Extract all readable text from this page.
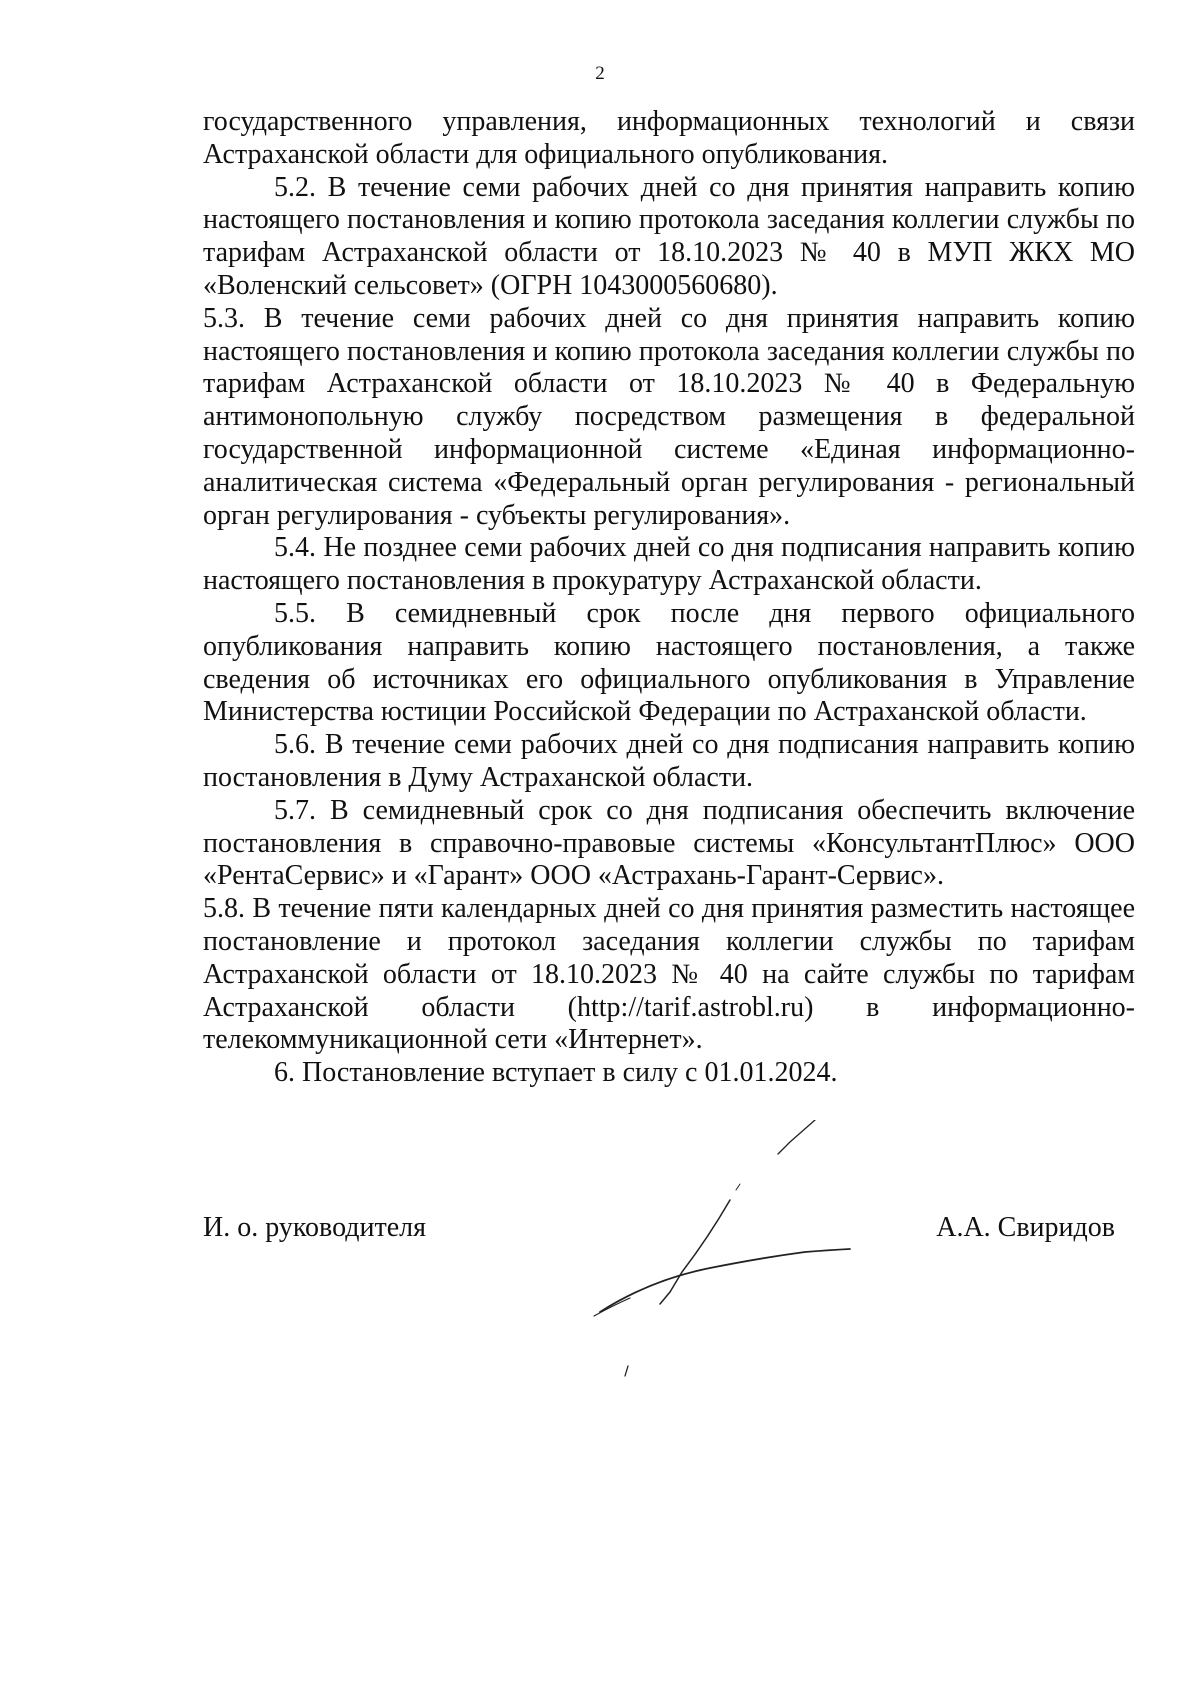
2

государственного управления, информационных технологий и связи Астраханской области для официального опубликования.

5.2. В течение семи рабочих дней со дня принятия направить копию настоящего постановления и копию протокола заседания коллегии службы по тарифам Астраханской области от 18.10.2023 № 40 в МУП ЖКХ МО «Воленский сельсовет» (ОГРН 1043000560680).

5.3. В течение семи рабочих дней со дня принятия направить копию настоящего постановления и копию протокола заседания коллегии службы по тарифам Астраханской области от 18.10.2023 № 40 в Федеральную антимонопольную службу посредством размещения в федеральной государственной информационной системе «Единая информационно-аналитическая система «Федеральный орган регулирования - региональный орган регулирования - субъекты регулирования».

5.4. Не позднее семи рабочих дней со дня подписания направить копию настоящего постановления в прокуратуру Астраханской области.

5.5. В семидневный срок после дня первого официального опубликования направить копию настоящего постановления, а также сведения об источниках его официального опубликования в Управление Министерства юстиции Российской Федерации по Астраханской области.

5.6. В течение семи рабочих дней со дня подписания направить копию постановления в Думу Астраханской области.

5.7. В семидневный срок со дня подписания обеспечить включение постановления в справочно-правовые системы «КонсультантПлюс» ООО «РентаСервис» и «Гарант» ООО «Астрахань-Гарант-Сервис».

5.8. В течение пяти календарных дней со дня принятия разместить настоящее постановление и протокол заседания коллегии службы по тарифам Астраханской области от 18.10.2023 № 40 на сайте службы по тарифам Астраханской области (http://tarif.astrobl.ru) в информационно-телекоммуникационной сети «Интернет».

6. Постановление вступает в силу с 01.01.2024.

И. о. руководителя	А.А. Свиридов
